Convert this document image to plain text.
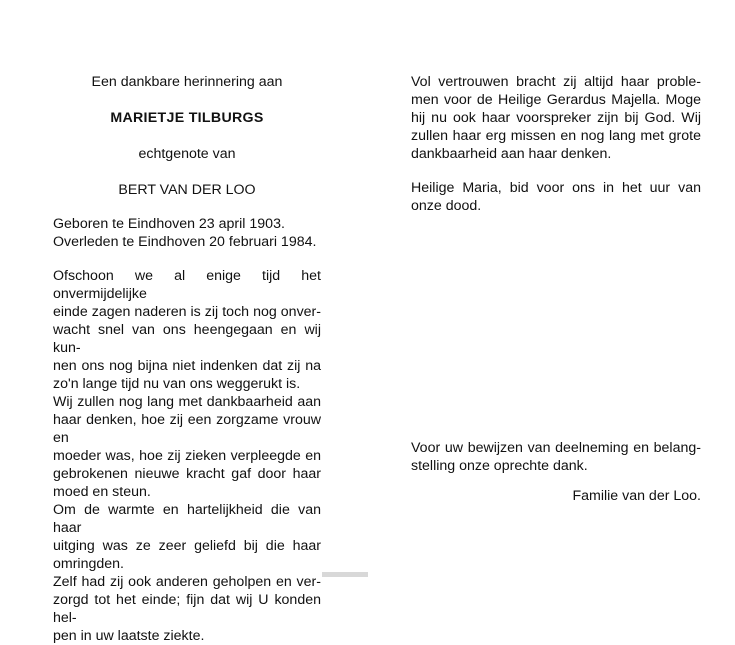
Een dankbare herinnering aan
MARIETJE TILBURGS
echtgenote van
BERT VAN DER LOO
Geboren te Eindhoven 23 april 1903.
Overleden te Eindhoven 20 februari 1984.
Ofschoon we al enige tijd het onvermijdelijke
einde zagen naderen is zij toch nog onver-
wacht snel van ons heengegaan en wij kun-
nen ons nog bijna niet indenken dat zij na
zo'n lange tijd nu van ons weggerukt is.
Wij zullen nog lang met dankbaarheid aan
haar denken, hoe zij een zorgzame vrouw en
moeder was, hoe zij zieken verpleegde en
gebrokenen nieuwe kracht gaf door haar
moed en steun.
Om de warmte en hartelijkheid die van haar
uitging was ze zeer geliefd bij die haar
omringden.
Zelf had zij ook anderen geholpen en ver-
zorgd tot het einde; fijn dat wij U konden hel-
pen in uw laatste ziekte.
Vol vertrouwen bracht zij altijd haar proble-
men voor de Heilige Gerardus Majella. Moge
hij nu ook haar voorspreker zijn bij God. Wij
zullen haar erg missen en nog lang met grote
dankbaarheid aan haar denken.
Heilige Maria, bid voor ons in het uur van
onze dood.
Voor uw bewijzen van deelneming en belang-
stelling onze oprechte dank.
Familie van der Loo.
